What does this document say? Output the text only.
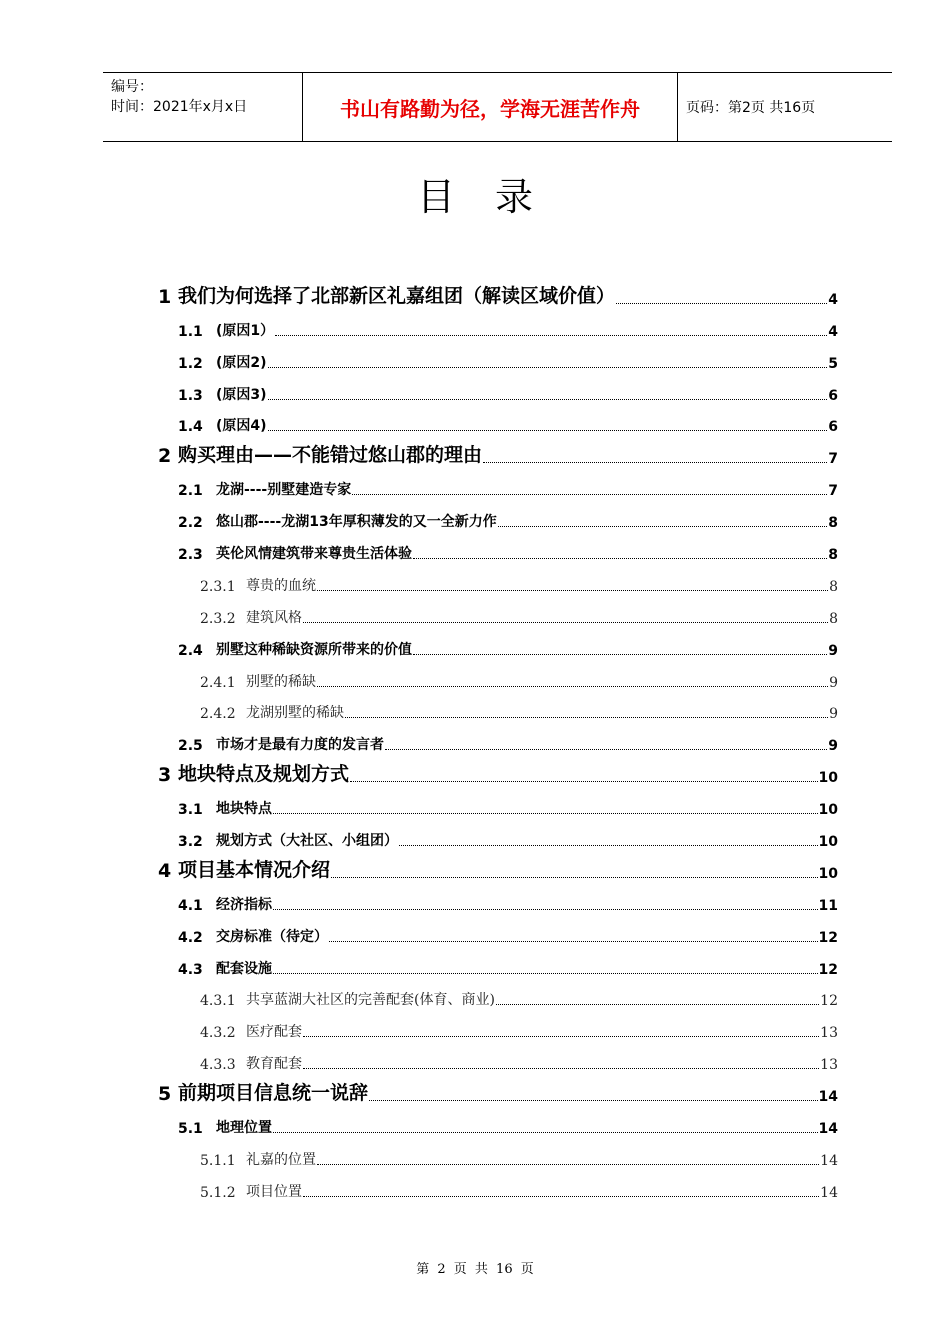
编号：
时间：2021年x月x日	书山有路勤为径，学海无涯苦作舟	页码：第2页 共16页
目录
1 我们为何选择了北部新区礼嘉组团（解读区域价值）	4
1.1 (原因1）	4
1.2 (原因2)	5
1.3 (原因3)	6
1.4 (原因4)	6
2 购买理由——不能错过悠山郡的理由	7
2.1 龙湖----别墅建造专家	7
2.2 悠山郡----龙湖13年厚积薄发的又一全新力作	8
2.3 英伦风情建筑带来尊贵生活体验	8
2.3.1 尊贵的血统	8
2.3.2 建筑风格	8
2.4 别墅这种稀缺资源所带来的价值	9
2.4.1 别墅的稀缺	9
2.4.2 龙湖别墅的稀缺	9
2.5 市场才是最有力度的发言者	9
3 地块特点及规划方式	10
3.1 地块特点	10
3.2 规划方式（大社区、小组团）	10
4 项目基本情况介绍	10
4.1 经济指标	11
4.2 交房标准（待定）	12
4.3 配套设施	12
4.3.1 共享蓝湖大社区的完善配套(体育、商业)	12
4.3.2 医疗配套	13
4.3.3 教育配套	13
5 前期项目信息统一说辞	14
5.1 地理位置	14
5.1.1 礼嘉的位置	14
5.1.2 项目位置	14
第 2 页 共 16 页
